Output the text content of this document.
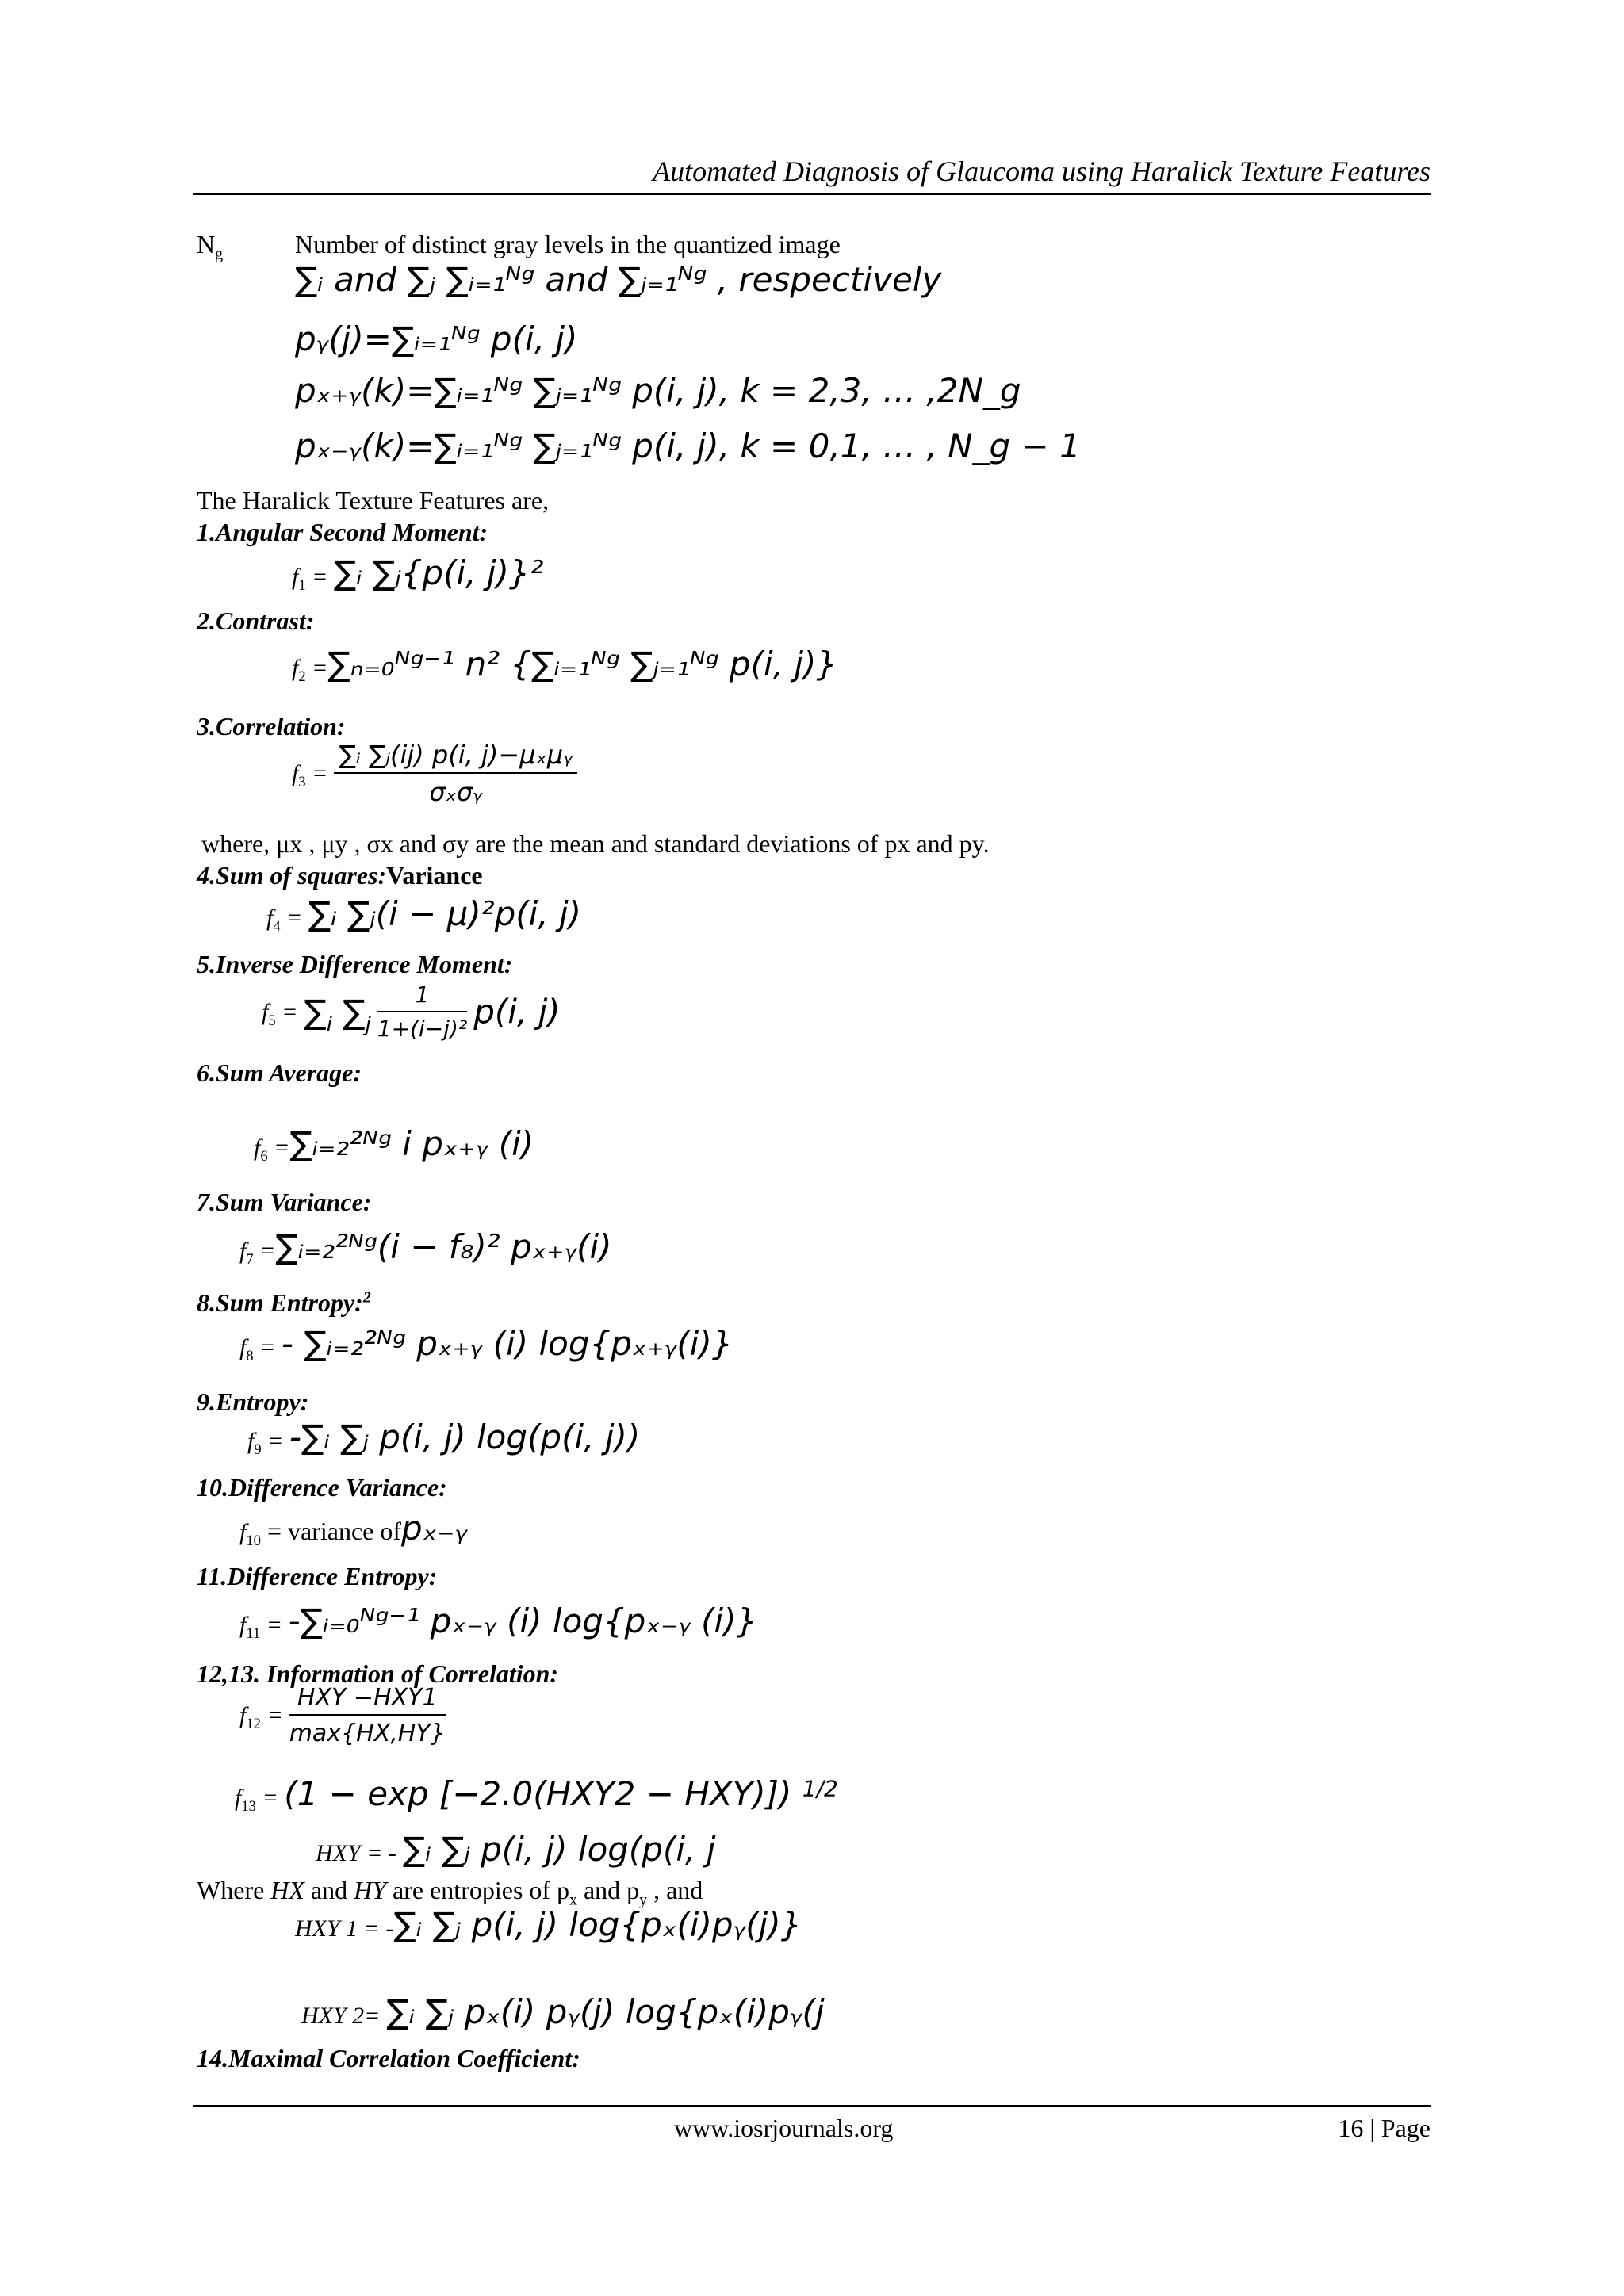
Automated Diagnosis of Glaucoma using Haralick Texture Features
$N_g$	Number of distinct gray levels in the quantized image
∑ᵢ and ∑ⱼ ∑ᵢ₌₁ᴺᵍ and ∑ⱼ₌₁ᴺᵍ , respectively
pᵧ(j)=∑ᵢ₌₁ᴺᵍ p(i, j)
pₓ₊ᵧ(k)=∑ᵢ₌₁ᴺᵍ ∑ⱼ₌₁ᴺᵍ p(i, j), k = 2,3, … ,2N_g
pₓ₋ᵧ(k)=∑ᵢ₌₁ᴺᵍ ∑ⱼ₌₁ᴺᵍ p(i, j), k = 0,1, … , N_g − 1
The Haralick Texture Features are,
1.Angular Second Moment:
$f_1$ = ∑ᵢ ∑ⱼ{p(i, j)}²
2.Contrast:
$f_2$ =∑ₙ₌₀ᴺᵍ⁻¹ n² {∑ᵢ₌₁ᴺᵍ ∑ⱼ₌₁ᴺᵍ p(i, j)}
3.Correlation:
$f_3 = \frac{\text{∑ᵢ ∑ⱼ(ij) p(i, j)−μₓμᵧ}}{\text{σₓσᵧ}}$
where, μx , μy , σx and σy are the mean and standard deviations of px and py.
4.Sum of squares:Variance
$f_4$ = ∑ᵢ ∑ⱼ(i − μ)²p(i, j)
5.Inverse Difference Moment:
$f_5 = \sum_i$ $\sum_j \frac{1}{\text{1+(i−j)²}} p(i$, j)
6.Sum Average:
$f_6$ =∑ᵢ₌₂²ᴺᵍ i pₓ₊ᵧ (i)
7.Sum Variance:
$f_7$ =∑ᵢ₌₂²ᴺᵍ(i − f₈)² pₓ₊ᵧ(i)
8.Sum Entropy:$^2$
$f_8$ = - ∑ᵢ₌₂²ᴺᵍ pₓ₊ᵧ (i) log{pₓ₊ᵧ(i)}
9.Entropy:
$f_9$ = -∑ᵢ ∑ⱼ p(i, j) log(p(i, j))
10.Difference Variance:
$f_{10}$ = variance ofpₓ₋ᵧ
11.Difference Entropy:
$f_{11}$ = -∑ᵢ₌₀ᴺᵍ⁻¹ pₓ₋ᵧ (i) log{pₓ₋ᵧ (i)}
12,13. Information of Correlation:
$f_{12} = \frac{\text{HXY −HXY1}}{\max\{HX,HY\}}$
$f_{13} = (1 - \exp [-2.0(HXY2 - HXY)])$ $^{1/2}$
HXY = - ∑ᵢ ∑ⱼ p(i, j) log(p(i, j
Where HX and HY are entropies of $p_x$ and $p_y$ , and
HXY 1 = -∑ᵢ ∑ⱼ p(i, j) log{pₓ(i)pᵧ(j)}
HXY 2= ∑ᵢ ∑ⱼ pₓ(i) pᵧ(j) log{pₓ(i)pᵧ(j
14.Maximal Correlation Coefficient:
www.iosrjournals.org	16 | Page
